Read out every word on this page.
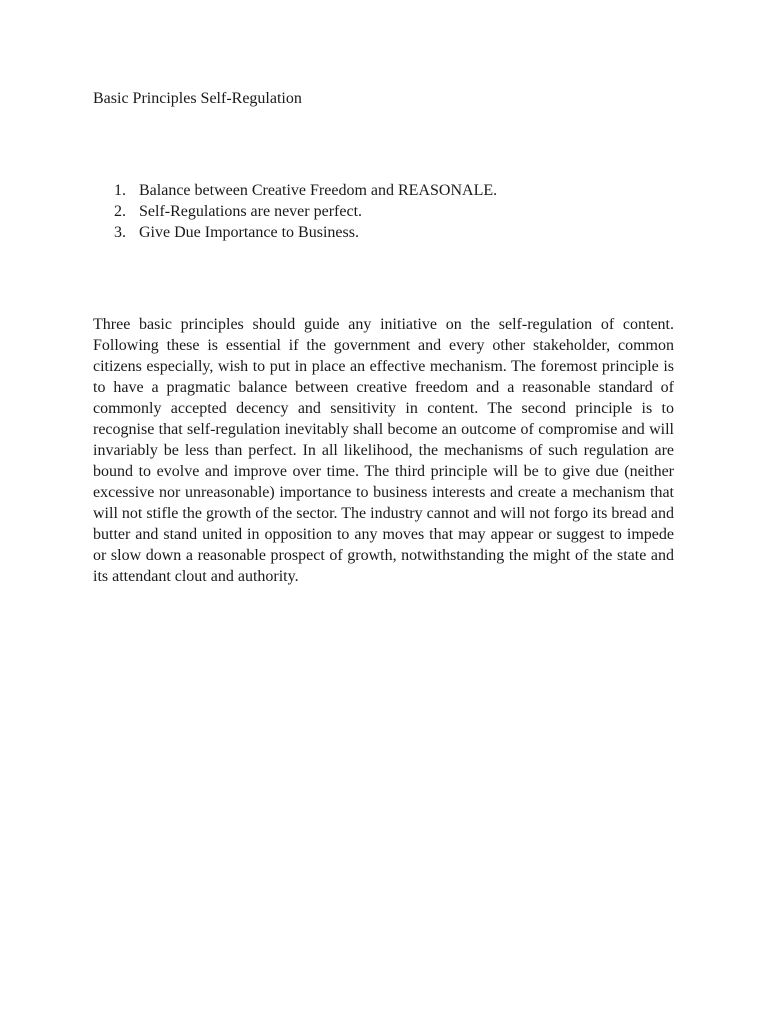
Basic Principles Self-Regulation
1. Balance between Creative Freedom and REASONALE.
2. Self-Regulations are never perfect.
3. Give Due Importance to Business.

Three basic principles should guide any initiative on the self-regulation of content. Following these is essential if the government and every other stakeholder, common citizens especially, wish to put in place an effective mechanism. The foremost principle is to have a pragmatic balance between creative freedom and a reasonable standard of commonly accepted decency and sensitivity in content. The second principle is to recognise that self-regulation inevitably shall become an outcome of compromise and will invariably be less than perfect. In all likelihood, the mechanisms of such regulation are bound to evolve and improve over time. The third principle will be to give due (neither excessive nor unreasonable) importance to business interests and create a mechanism that will not stifle the growth of the sector. The industry cannot and will not forgo its bread and butter and stand united in opposition to any moves that may appear or suggest to impede or slow down a reasonable prospect of growth, notwithstanding the might of the state and its attendant clout and authority.
